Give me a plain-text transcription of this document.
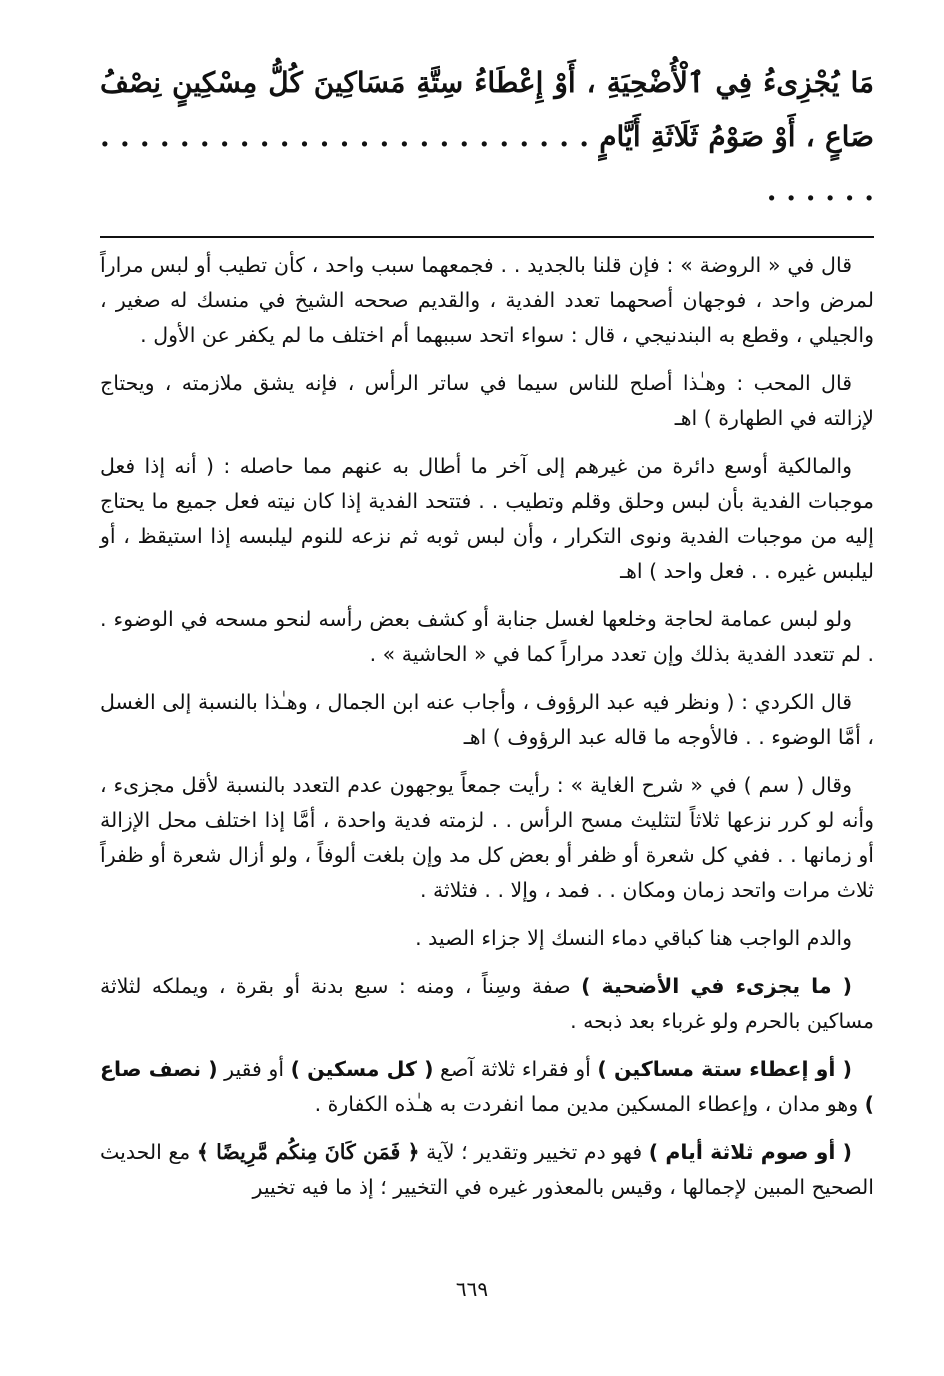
مَا يُجْزِىءُ فِي ٱلْأُضْحِيَةِ ، أَوْ إِعْطَاءُ سِتَّةِ مَسَاكِينَ كُلُّ مِسْكِينٍ نِصْفُ صَاعٍ ، أَوْ صَوْمُ ثَلَاثَةِ أَيَّامٍ . . . . . . . . . . . . . . . . . . . . . . . . . . . . . . .

قال في « الروضة » : فإن قلنا بالجديد . . فجمعهما سبب واحد ، كأن تطيب أو لبس مراراً لمرض واحد ، فوجهان أصحهما تعدد الفدية ، والقديم صححه الشيخ في منسك له صغير ، والجيلي ، وقطع به البندنيجي ، قال : سواء اتحد سببهما أم اختلف ما لم يكفر عن الأول .

قال المحب : وهـٰذا أصلح للناس سيما في ساتر الرأس ، فإنه يشق ملازمته ، ويحتاج لإزالته في الطهارة ) اهـ

والمالكية أوسع دائرة من غيرهم إلى آخر ما أطال به عنهم مما حاصله : ( أنه إذا فعل موجبات الفدية بأن لبس وحلق وقلم وتطيب . . فتتحد الفدية إذا كان نيته فعل جميع ما يحتاج إليه من موجبات الفدية ونوى التكرار ، وأن لبس ثوبه ثم نزعه للنوم ليلبسه إذا استيقظ ، أو ليلبس غيره . . فعل واحد ) اهـ

ولو لبس عمامة لحاجة وخلعها لغسل جنابة أو كشف بعض رأسه لنحو مسحه في الوضوء . . لم تتعدد الفدية بذلك وإن تعدد مراراً كما في « الحاشية » .

قال الكردي : ( ونظر فيه عبد الرؤوف ، وأجاب عنه ابن الجمال ، وهـٰذا بالنسبة إلى الغسل ، أمَّا الوضوء . . فالأوجه ما قاله عبد الرؤوف ) اهـ

وقال ( سم ) في « شرح الغاية » : رأيت جمعاً يوجهون عدم التعدد بالنسبة لأقل مجزىء ، وأنه لو كرر نزعها ثلاثاً لتثليث مسح الرأس . . لزمته فدية واحدة ، أمَّا إذا اختلف محل الإزالة أو زمانها . . ففي كل شعرة أو ظفر أو بعض كل مد وإن بلغت ألوفاً ، ولو أزال شعرة أو ظفراً ثلاث مرات واتحد زمان ومكان . . فمد ، وإلا . . فثلاثة .

والدم الواجب هنا كباقي دماء النسك إلا جزاء الصيد .

( ما يجزىء في الأضحية ) صفة وسِناً ، ومنه : سبع بدنة أو بقرة ، ويملكه لثلاثة مساكين بالحرم ولو غرباء بعد ذبحه .

( أو إعطاء ستة مساكين ) أو فقراء ثلاثة آصع ( كل مسكين ) أو فقير ( نصف صاع ) وهو مدان ، وإعطاء المسكين مدين مما انفردت به هـٰذه الكفارة .

( أو صوم ثلاثة أيام ) فهو دم تخيير وتقدير ؛ لآية ﴿ فَمَن كَانَ مِنكُم مَّرِيضًا ﴾ مع الحديث الصحيح المبين لإجمالها ، وقيس بالمعذور غيره في التخيير ؛ إذ ما فيه تخيير

٦٦٩
